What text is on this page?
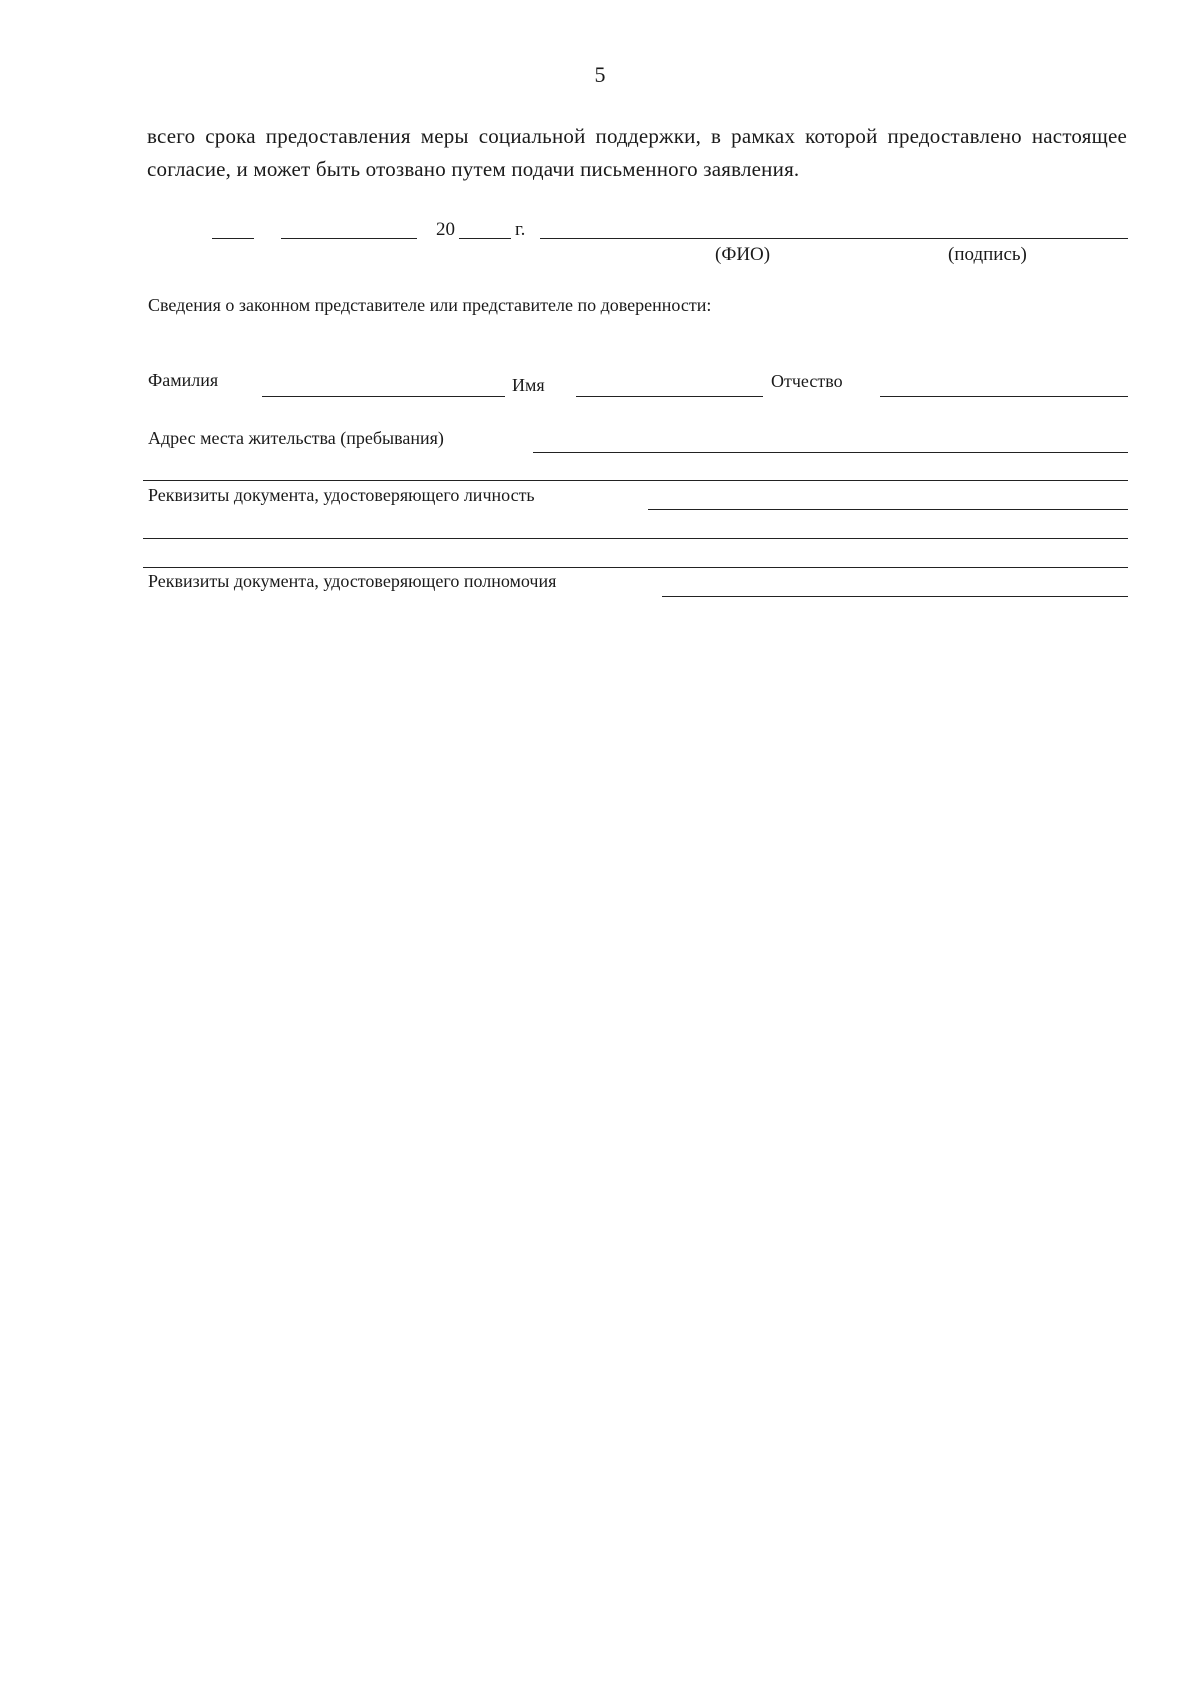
5
всего срока предоставления меры социальной поддержки, в рамках которой предоставлено настоящее согласие, и может быть отозвано путем подачи письменного заявления.
20	г.
(ФИО)	(подпись)
Сведения о законном представителе или представителе по доверенности:
Фамилия	Имя	Отчество
Адрес места жительства (пребывания)
Реквизиты документа, удостоверяющего личность
Реквизиты документа, удостоверяющего полномочия
